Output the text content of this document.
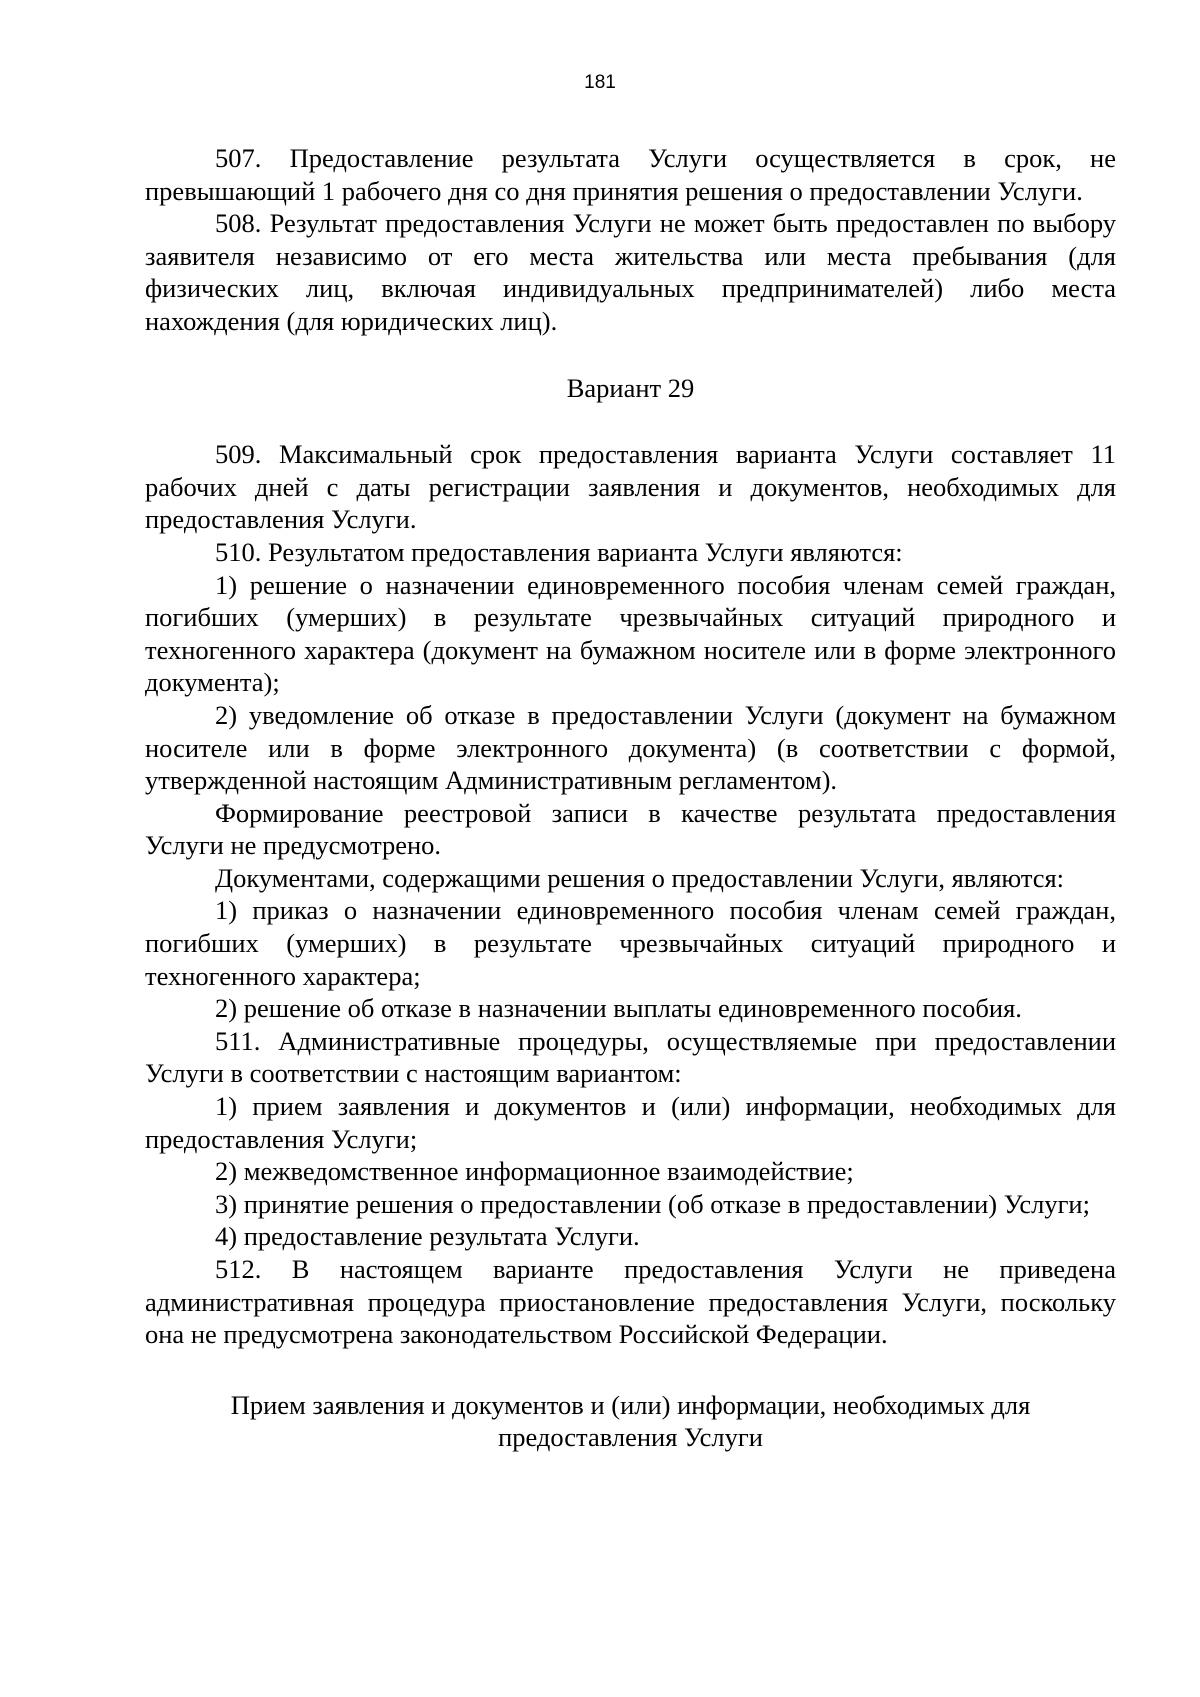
181

507. Предоставление результата Услуги осуществляется в срок, не превышающий 1 рабочего дня со дня принятия решения о предоставлении Услуги.

508. Результат предоставления Услуги не может быть предоставлен по выбору заявителя независимо от его места жительства или места пребывания (для физических лиц, включая индивидуальных предпринимателей) либо места нахождения (для юридических лиц).

Вариант 29

509. Максимальный срок предоставления варианта Услуги составляет 11 рабочих дней с даты регистрации заявления и документов, необходимых для предоставления Услуги.

510. Результатом предоставления варианта Услуги являются:

1) решение о назначении единовременного пособия членам семей граждан, погибших (умерших) в результате чрезвычайных ситуаций природного и техногенного характера (документ на бумажном носителе или в форме электронного документа);

2) уведомление об отказе в предоставлении Услуги (документ на бумажном носителе или в форме электронного документа) (в соответствии с формой, утвержденной настоящим Административным регламентом).

Формирование реестровой записи в качестве результата предоставления Услуги не предусмотрено.

Документами, содержащими решения о предоставлении Услуги, являются:

1) приказ о назначении единовременного пособия членам семей граждан, погибших (умерших) в результате чрезвычайных ситуаций природного и техногенного характера;

2) решение об отказе в назначении выплаты единовременного пособия.

511. Административные процедуры, осуществляемые при предоставлении Услуги в соответствии с настоящим вариантом:

1) прием заявления и документов и (или) информации, необходимых для предоставления Услуги;

2) межведомственное информационное взаимодействие;

3) принятие решения о предоставлении (об отказе в предоставлении) Услуги;

4) предоставление результата Услуги.

512. В настоящем варианте предоставления Услуги не приведена административная процедура приостановление предоставления Услуги, поскольку она не предусмотрена законодательством Российской Федерации.

Прием заявления и документов и (или) информации, необходимых для предоставления Услуги
